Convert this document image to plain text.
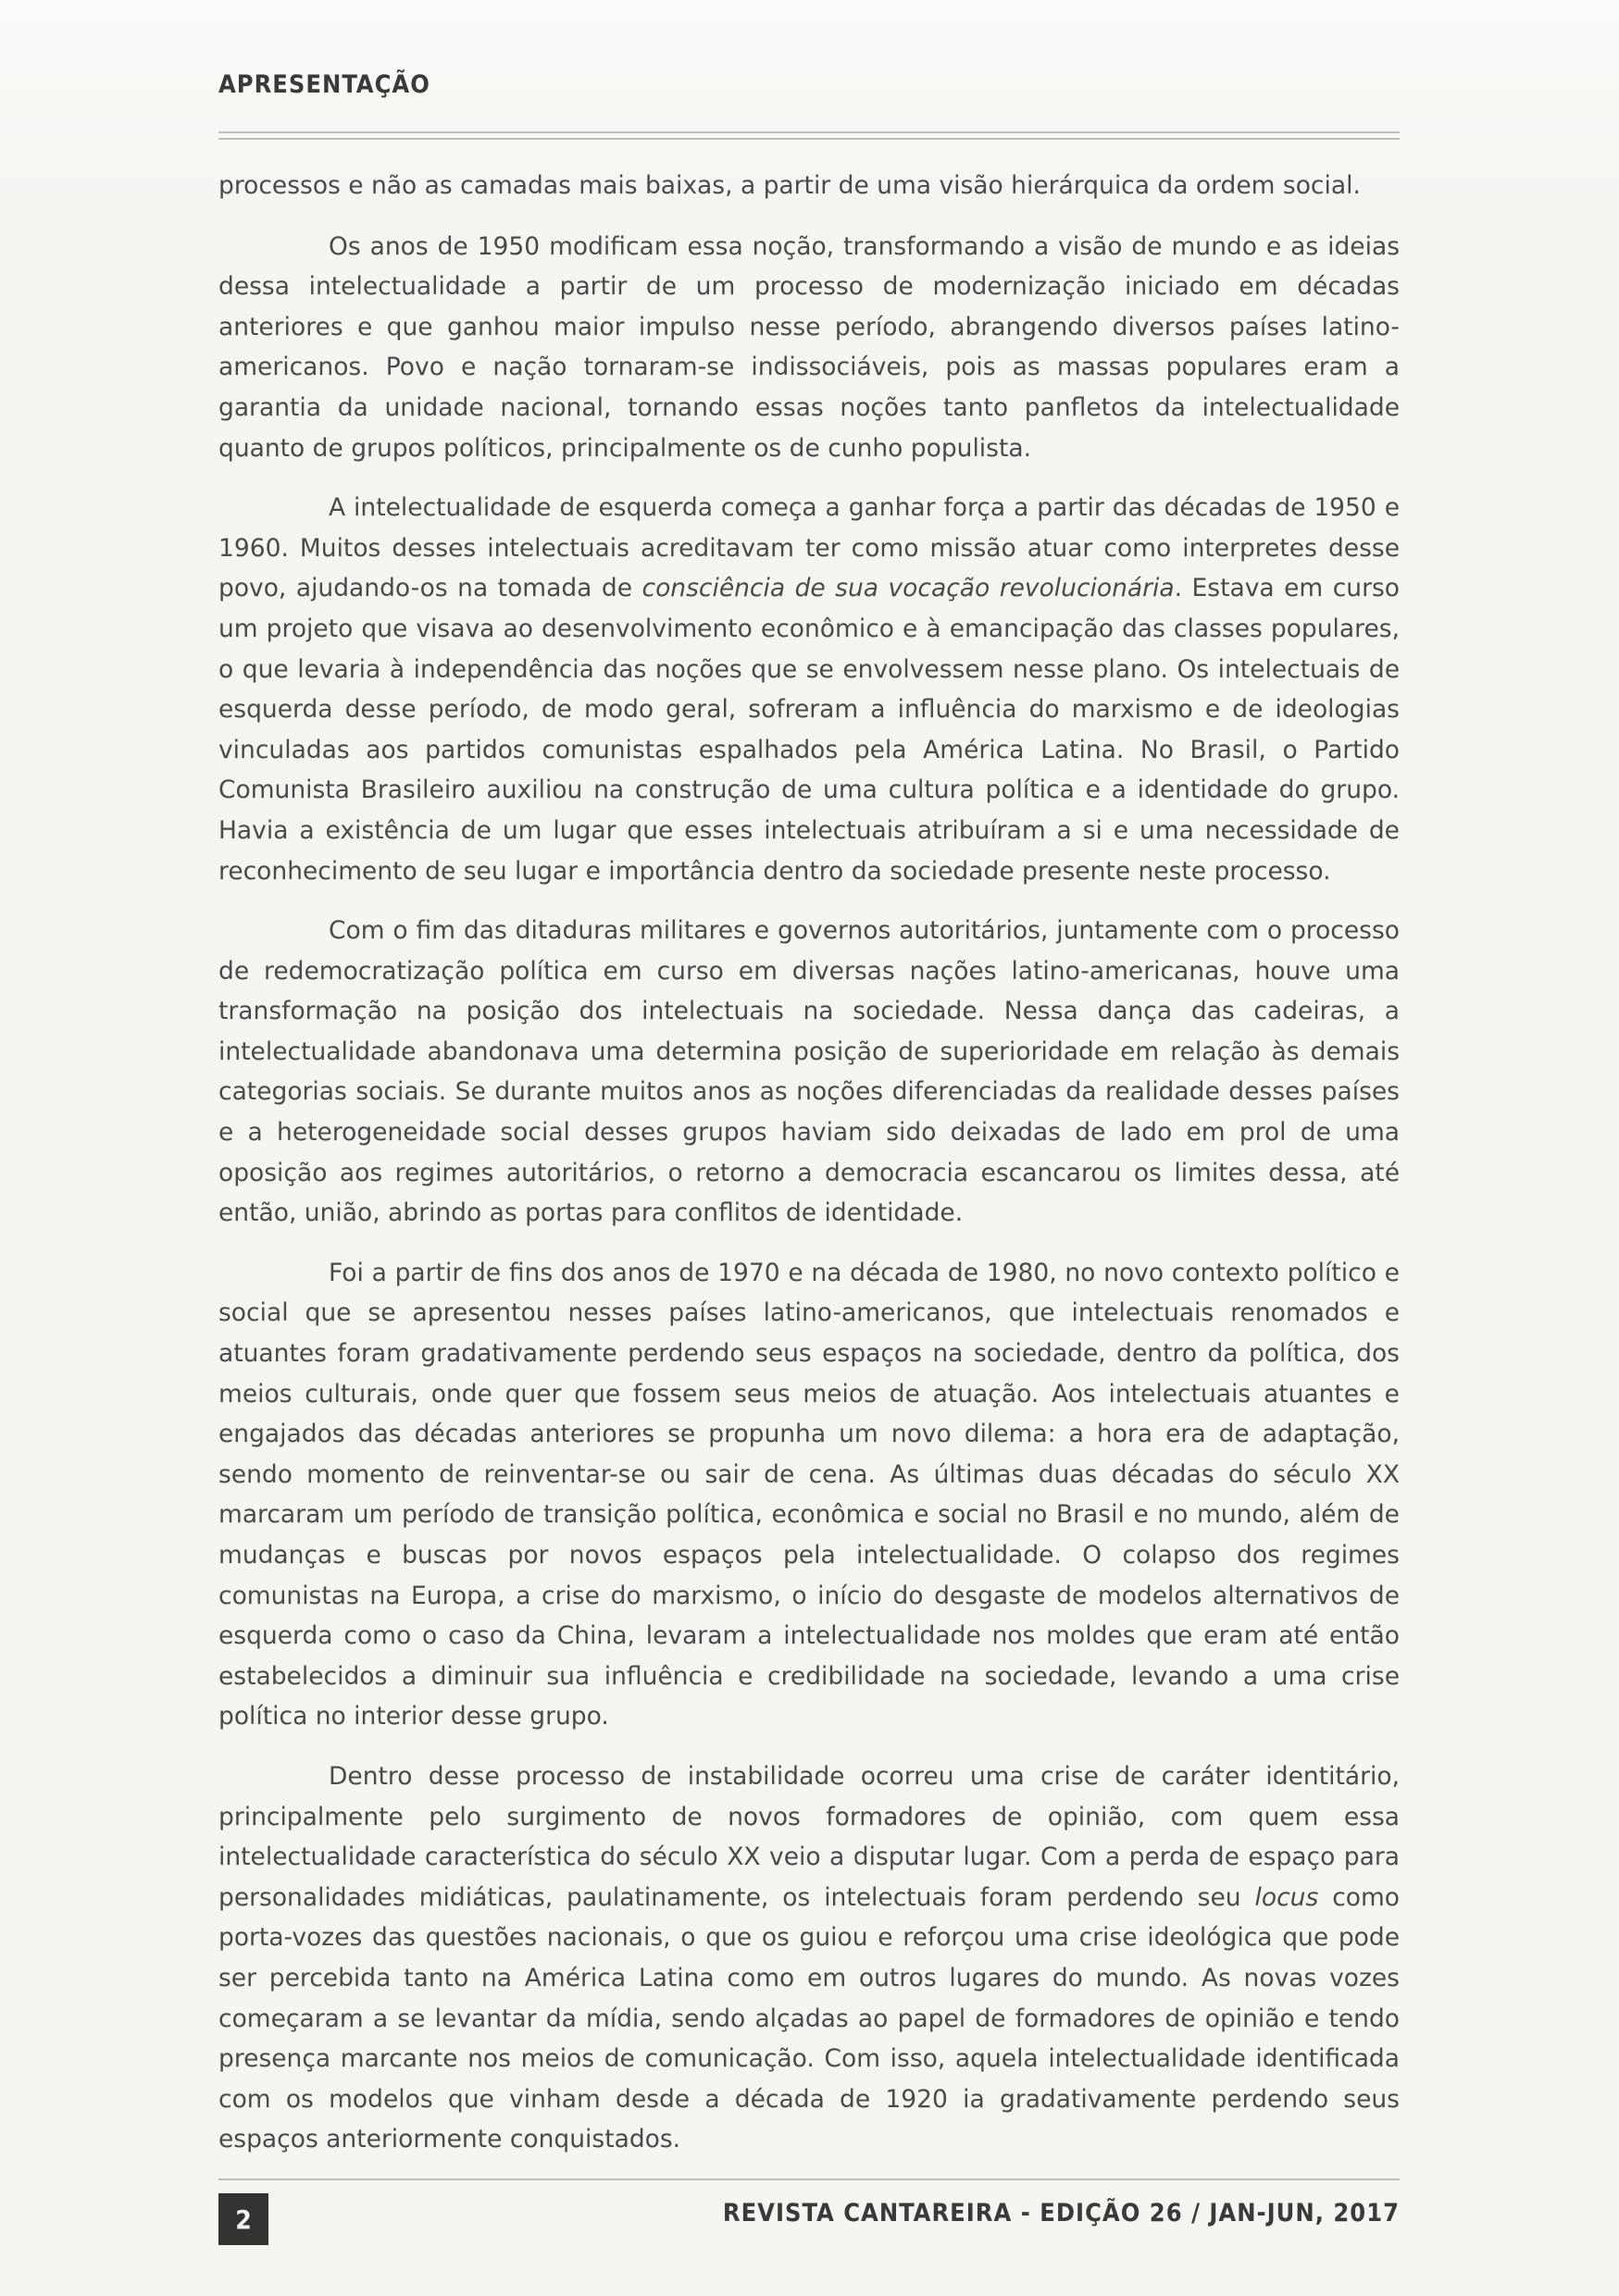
APRESENTAÇÃO

processos e não as camadas mais baixas, a partir de uma visão hierárquica da ordem social.

Os anos de 1950 modificam essa noção, transformando a visão de mundo e as ideias dessa intelectualidade a partir de um processo de modernização iniciado em décadas anteriores e que ganhou maior impulso nesse período, abrangendo diversos países latino-americanos. Povo e nação tornaram-se indissociáveis, pois as massas populares eram a garantia da unidade nacional, tornando essas noções tanto panfletos da intelectualidade quanto de grupos políticos, principalmente os de cunho populista.

A intelectualidade de esquerda começa a ganhar força a partir das décadas de 1950 e 1960. Muitos desses intelectuais acreditavam ter como missão atuar como interpretes desse povo, ajudando-os na tomada de consciência de sua vocação revolucionária. Estava em curso um projeto que visava ao desenvolvimento econômico e à emancipação das classes populares, o que levaria à independência das noções que se envolvessem nesse plano. Os intelectuais de esquerda desse período, de modo geral, sofreram a influência do marxismo e de ideologias vinculadas aos partidos comunistas espalhados pela América Latina. No Brasil, o Partido Comunista Brasileiro auxiliou na construção de uma cultura política e a identidade do grupo. Havia a existência de um lugar que esses intelectuais atribuíram a si e uma necessidade de reconhecimento de seu lugar e importância dentro da sociedade presente neste processo.

Com o fim das ditaduras militares e governos autoritários, juntamente com o processo de redemocratização política em curso em diversas nações latino-americanas, houve uma transformação na posição dos intelectuais na sociedade. Nessa dança das cadeiras, a intelectualidade abandonava uma determina posição de superioridade em relação às demais categorias sociais. Se durante muitos anos as noções diferenciadas da realidade desses países e a heterogeneidade social desses grupos haviam sido deixadas de lado em prol de uma oposição aos regimes autoritários, o retorno a democracia escancarou os limites dessa, até então, união, abrindo as portas para conflitos de identidade.

Foi a partir de fins dos anos de 1970 e na década de 1980, no novo contexto político e social que se apresentou nesses países latino-americanos, que intelectuais renomados e atuantes foram gradativamente perdendo seus espaços na sociedade, dentro da política, dos meios culturais, onde quer que fossem seus meios de atuação. Aos intelectuais atuantes e engajados das décadas anteriores se propunha um novo dilema: a hora era de adaptação, sendo momento de reinventar-se ou sair de cena. As últimas duas décadas do século XX marcaram um período de transição política, econômica e social no Brasil e no mundo, além de mudanças e buscas por novos espaços pela intelectualidade. O colapso dos regimes comunistas na Europa, a crise do marxismo, o início do desgaste de modelos alternativos de esquerda como o caso da China, levaram a intelectualidade nos moldes que eram até então estabelecidos a diminuir sua influência e credibilidade na sociedade, levando a uma crise política no interior desse grupo.

Dentro desse processo de instabilidade ocorreu uma crise de caráter identitário, principalmente pelo surgimento de novos formadores de opinião, com quem essa intelectualidade característica do século XX veio a disputar lugar. Com a perda de espaço para personalidades midiáticas, paulatinamente, os intelectuais foram perdendo seu locus como porta-vozes das questões nacionais, o que os guiou e reforçou uma crise ideológica que pode ser percebida tanto na América Latina como em outros lugares do mundo. As novas vozes começaram a se levantar da mídia, sendo alçadas ao papel de formadores de opinião e tendo presença marcante nos meios de comunicação. Com isso, aquela intelectualidade identificada com os modelos que vinham desde a década de 1920 ia gradativamente perdendo seus espaços anteriormente conquistados.

2	REVISTA CANTAREIRA - EDIÇÃO 26 / JAN-JUN, 2017
